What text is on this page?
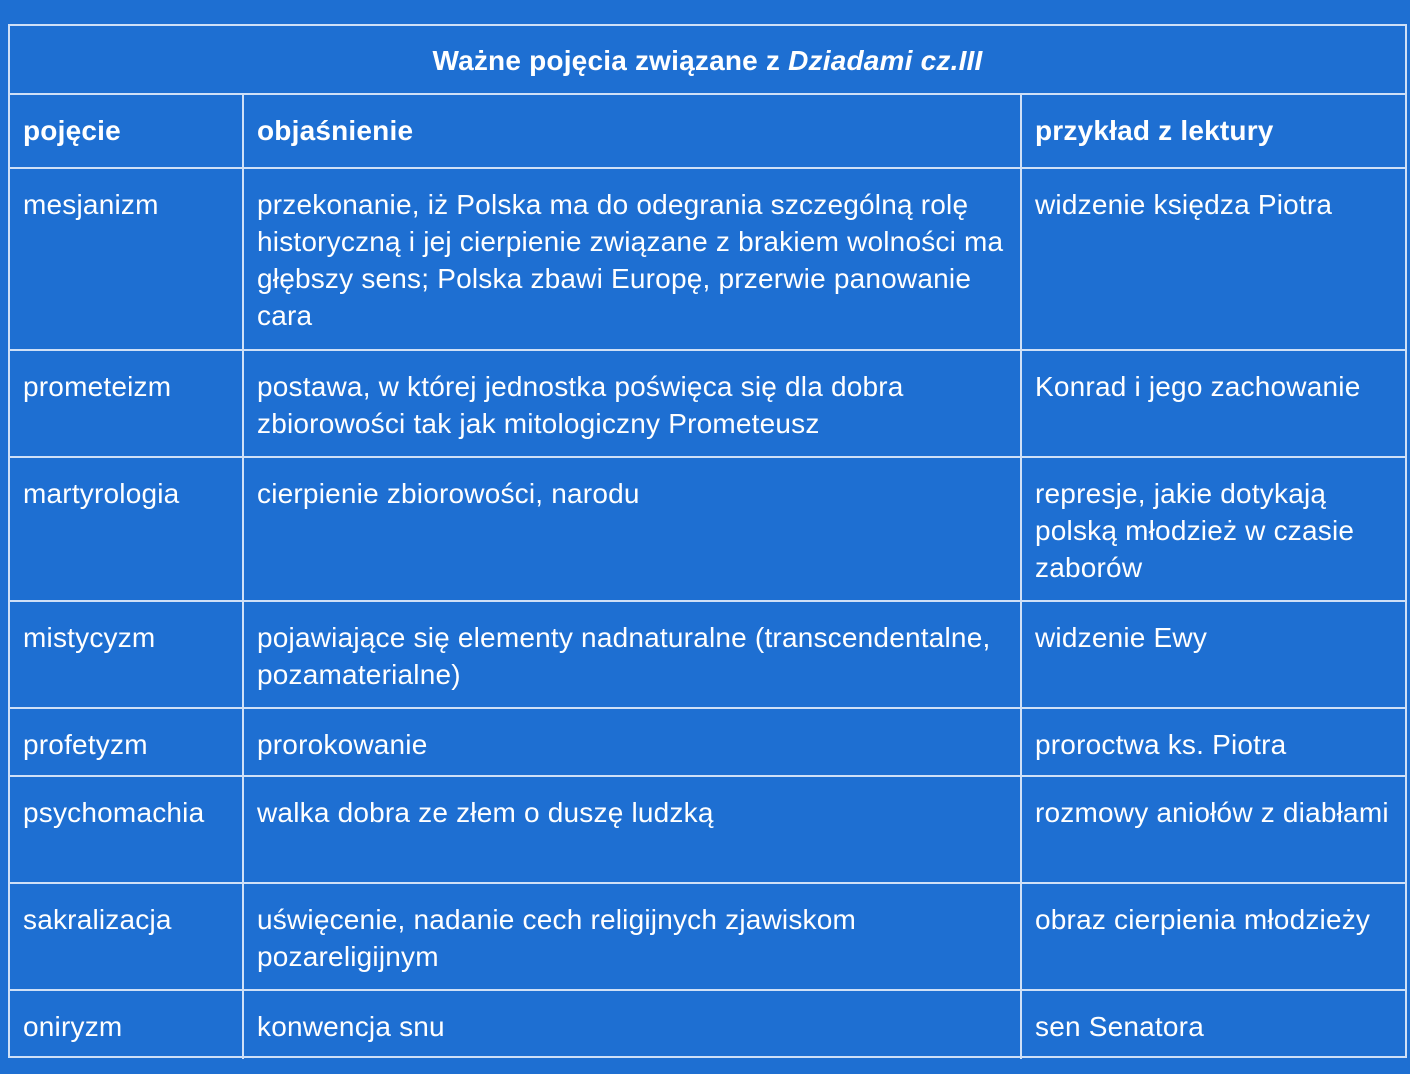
Ważne pojęcia związane z Dziadami cz.III		
pojęcie	objaśnienie	przykład z lektury
mesjanizm	przekonanie, iż Polska ma do odegrania szczególną rolę historyczną i jej cierpienie związane z brakiem wolności ma głębszy sens; Polska zbawi Europę, przerwie panowanie cara	widzenie księdza Piotra
prometeizm	postawa, w której jednostka poświęca się dla dobra zbiorowości tak jak mitologiczny Prometeusz	Konrad i jego zachowanie
martyrologia	cierpienie zbiorowości, narodu	represje, jakie dotykają polską młodzież w czasie zaborów
mistycyzm	pojawiające się elementy nadnaturalne (transcendentalne, pozamaterialne)	widzenie Ewy
profetyzm	prorokowanie	proroctwa ks. Piotra
psychomachia	walka dobra ze złem o duszę ludzką	rozmowy aniołów z diabłami
sakralizacja	uświęcenie, nadanie cech religijnych zjawiskom pozareligijnym	obraz cierpienia młodzieży
oniryzm	konwencja snu	sen Senatora
